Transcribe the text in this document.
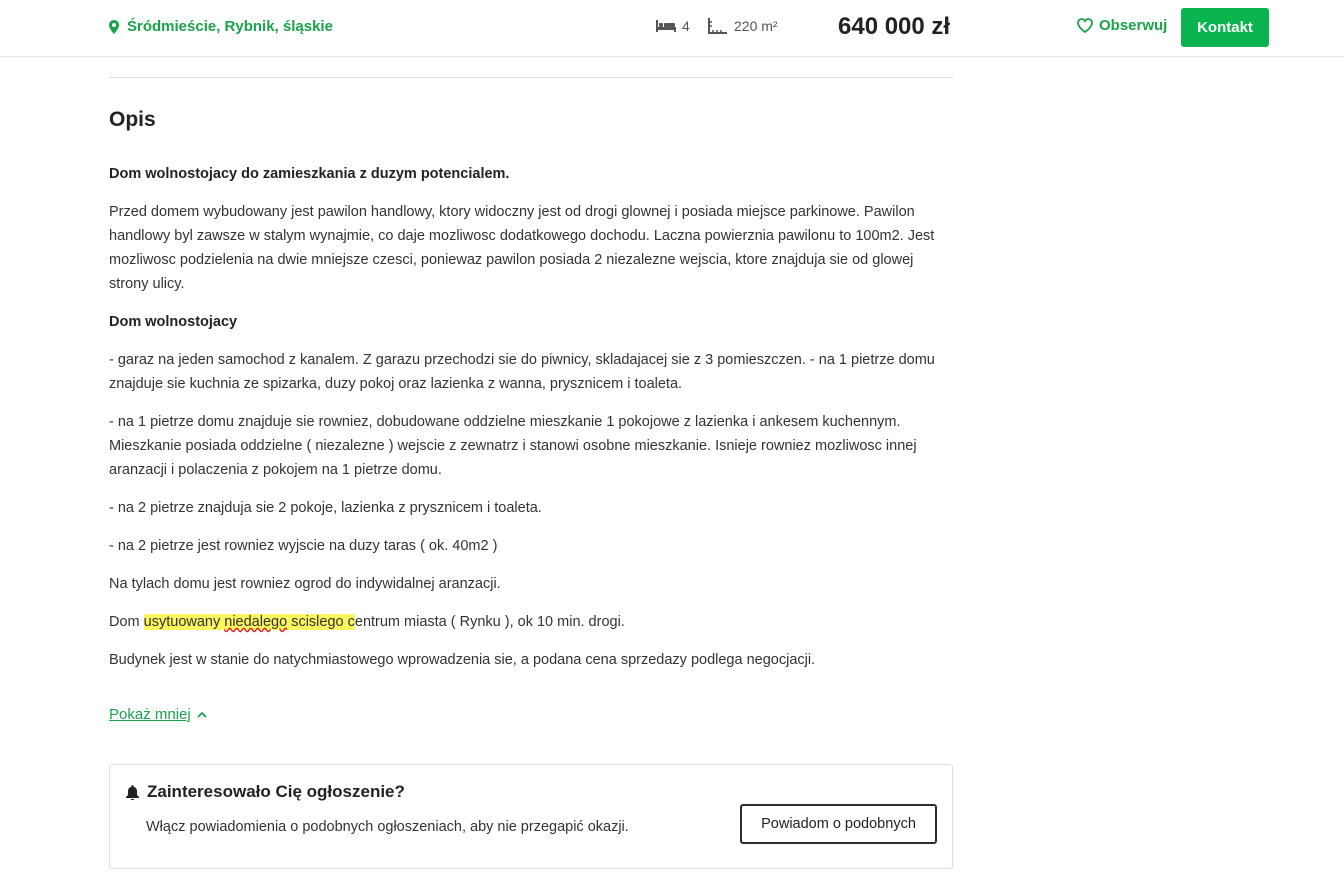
Śródmieście, Rybnik, śląskie	4	220 m²	640 000 zł	Obserwuj	Kontakt
Opis

Dom wolnostojacy do zamieszkania z duzym potencialem.

Przed domem wybudowany jest pawilon handlowy, ktory widoczny jest od drogi glownej i posiada miejsce parkinowe. Pawilon handlowy byl zawsze w stalym wynajmie, co daje mozliwosc dodatkowego dochodu. Laczna powierznia pawilonu to 100m2. Jest mozliwosc podzielenia na dwie mniejsze czesci, poniewaz pawilon posiada 2 niezalezne wejscia, ktore znajduja sie od glowej strony ulicy.

Dom wolnostojacy

- garaz na jeden samochod z kanalem. Z garazu przechodzi sie do piwnicy, skladajacej sie z 3 pomieszczen. - na 1 pietrze domu znajduje sie kuchnia ze spizarka, duzy pokoj oraz lazienka z wanna, prysznicem i toaleta.

- na 1 pietrze domu znajduje sie rowniez, dobudowane oddzielne mieszkanie 1 pokojowe z lazienka i ankesem kuchennym. Mieszkanie posiada oddzielne ( niezalezne ) wejscie z zewnatrz i stanowi osobne mieszkanie. Isnieje rowniez mozliwosc innej aranzacji i polaczenia z pokojem na 1 pietrze domu.

- na 2 pietrze znajduja sie 2 pokoje, lazienka z prysznicem i toaleta.

- na 2 pietrze jest rowniez wyjscie na duzy taras ( ok. 40m2 )

Na tylach domu jest rowniez ogrod do indywidalnej aranzacji.

Dom usytuowany niedalego scislego centrum miasta ( Rynku ), ok 10 min. drogi.

Budynek jest w stanie do natychmiastowego wprowadzenia sie, a podana cena sprzedazy podlega negocjacji.

Pokaż mniej
Zainteresowało Cię ogłoszenie?
Włącz powiadomienia o podobnych ogłoszeniach, aby nie przegapić okazji.	Powiadom o podobnych
